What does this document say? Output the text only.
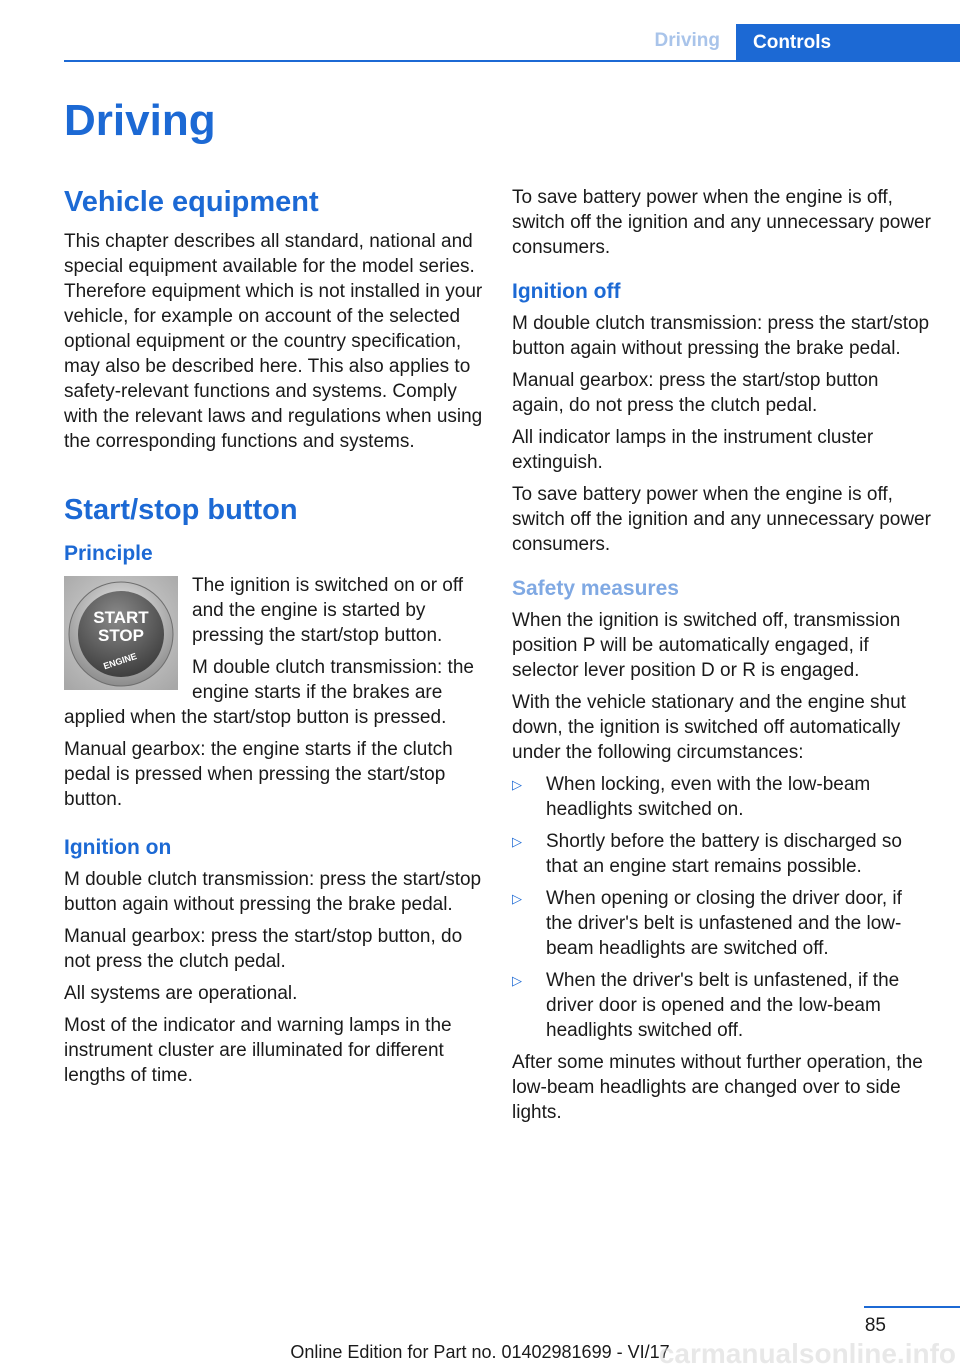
Driving	Controls
Driving
Vehicle equipment

This chapter describes all standard, national and special equipment available for the model series. Therefore equipment which is not installed in your vehicle, for example on account of the selected optional equipment or the country specification, may also be described here. This also applies to safety-relevant functions and systems. Comply with the relevant laws and regulations when using the corresponding functions and systems.

Start/stop button
Principle
START
STOP
ENGINE

The ignition is switched on or off and the engine is started by pressing the start/stop button.

M double clutch transmission: the engine starts if the brakes are applied when the start/stop button is pressed.

Manual gearbox: the engine starts if the clutch pedal is pressed when pressing the start/stop button.

Ignition on

M double clutch transmission: press the start/stop button again without pressing the brake pedal.

Manual gearbox: press the start/stop button, do not press the clutch pedal.

All systems are operational.

Most of the indicator and warning lamps in the instrument cluster are illuminated for different lengths of time.

To save battery power when the engine is off, switch off the ignition and any unnecessary power consumers.

Ignition off

M double clutch transmission: press the start/stop button again without pressing the brake pedal.

Manual gearbox: press the start/stop button again, do not press the clutch pedal.

All indicator lamps in the instrument cluster extinguish.

To save battery power when the engine is off, switch off the ignition and any unnecessary power consumers.

Safety measures

When the ignition is switched off, transmission position P will be automatically engaged, if selector lever position D or R is engaged.

With the vehicle stationary and the engine shut down, the ignition is switched off automatically under the following circumstances:

▷ When locking, even with the low-beam headlights switched on.
▷ Shortly before the battery is discharged so that an engine start remains possible.
▷ When opening or closing the driver door, if the driver's belt is unfastened and the low-beam headlights are switched off.
▷ When the driver's belt is unfastened, if the driver door is opened and the low-beam headlights switched off.

After some minutes without further operation, the low-beam headlights are changed over to side lights.

85
Online Edition for Part no. 01402981699 - VI/17
carmanualsonline.info
